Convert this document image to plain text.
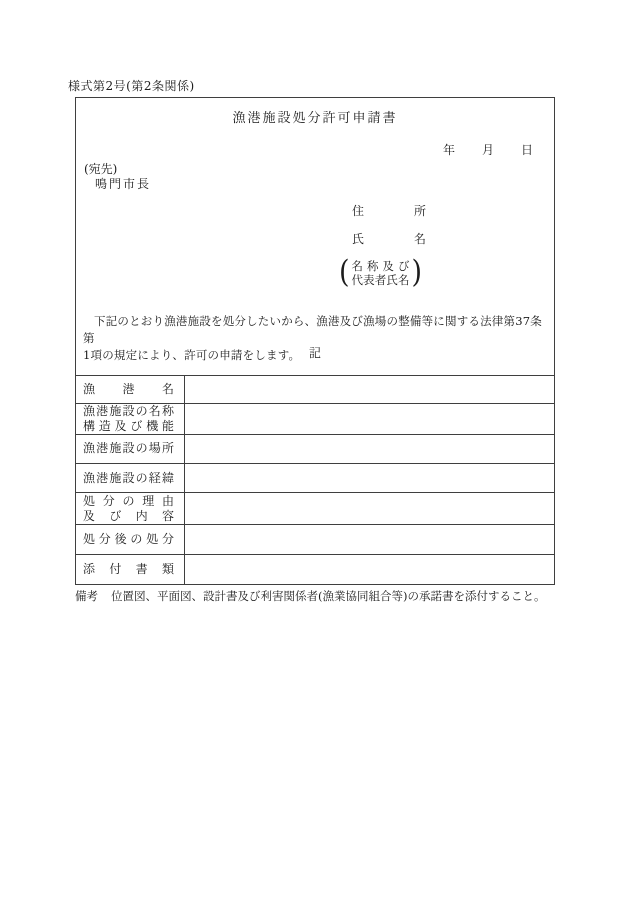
様式第2号(第2条関係)
漁港施設処分許可申請書
年 月 日
(宛先)
鳴門市長
住	所
氏	名
( 名 称 及 び
代 表 者 氏 名 )
下記のとおり漁港施設を処分したいから、漁港及び漁場の整備等に関する法律第37条第
1項の規定により、許可の申請をします。 記
漁 港 名
漁 港 施 設 の 名 称
構 造 及 び 機 能
漁 港 施 設 の 場 所
漁 港 施 設 の 経 緯
処 分 の 理 由
及 び 内 容
処 分 後 の 処 分
添 付 書 類
備考 位置図、平面図、設計書及び利害関係者(漁業協同組合等)の承諾書を添付すること。
